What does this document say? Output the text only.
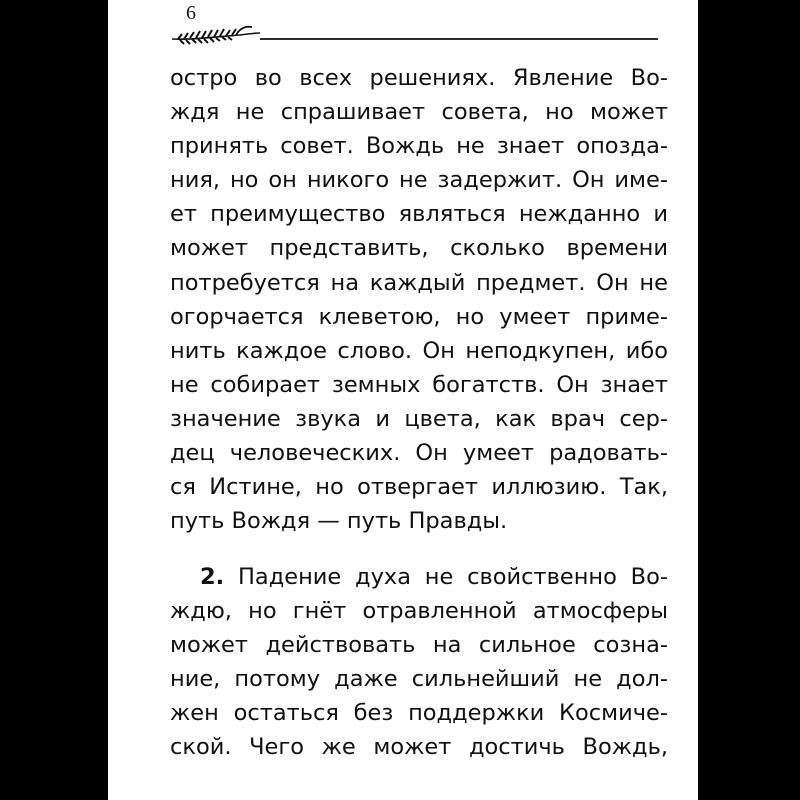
6
остро во всех решениях. Явление Во-
ждя не спрашивает совета, но может
принять совет. Вождь не знает опозда-
ния, но он никого не задержит. Он име-
ет преимущество являться нежданно и
может представить, сколько времени
потребуется на каждый предмет. Он не
огорчается клеветою, но умеет приме-
нить каждое слово. Он неподкупен, ибо
не собирает земных богатств. Он знает
значение звука и цвета, как врач сер-
дец человеческих. Он умеет радовать-
ся Истине, но отвергает иллюзию. Так,
путь Вождя — путь Правды.
2. Падение духа не свойственно Во-
ждю, но гнёт отравленной атмосферы
может действовать на сильное созна-
ние, потому даже сильнейший не дол-
жен остаться без поддержки Космиче-
ской. Чего же может достичь Вождь,
